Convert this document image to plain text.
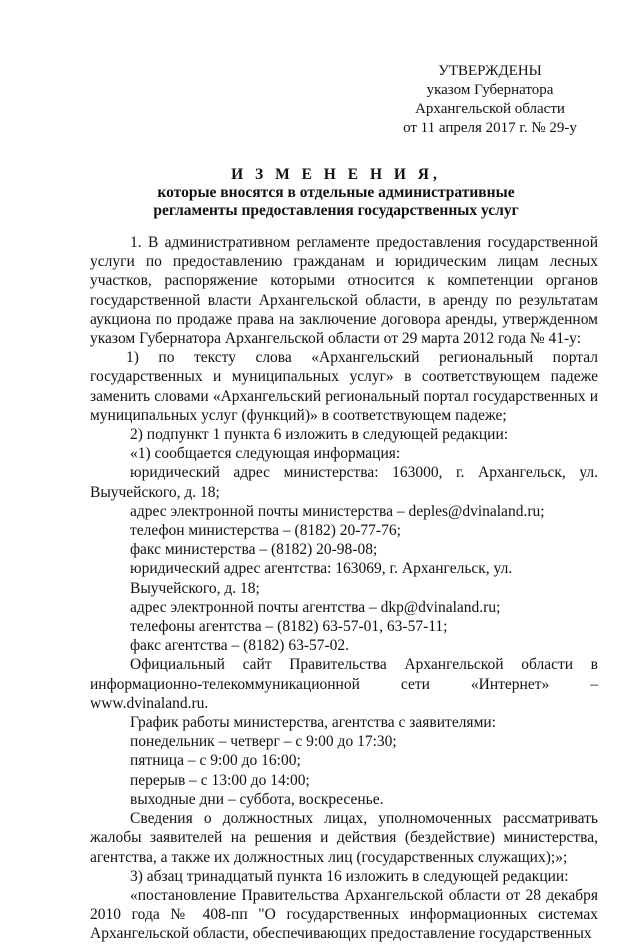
УТВЕРЖДЕНЫ
указом Губернатора
Архангельской области
от 11 апреля 2017 г. № 29-у
И З М Е Н Е Н И Я,
которые вносятся в отдельные административные
регламенты предоставления государственных услуг

1. В административном регламенте предоставления государственной услуги по предоставлению гражданам и юридическим лицам лесных участков, распоряжение которыми относится к компетенции органов государственной власти Архангельской области, в аренду по результатам аукциона по продаже права на заключение договора аренды, утвержденном указом Губернатора Архангельской области от 29 марта 2012 года № 41-у:

1) по тексту слова «Архангельский региональный портал государственных и муниципальных услуг» в соответствующем падеже заменить словами «Архангельский региональный портал государственных и муниципальных услуг (функций)» в соответствующем падеже;

2) подпункт 1 пункта 6 изложить в следующей редакции:

«1) сообщается следующая информация:

юридический адрес министерства: 163000, г. Архангельск, ул. Выучейского, д. 18;

адрес электронной почты министерства – deples@dvinaland.ru;

телефон министерства – (8182) 20-77-76;

факс министерства – (8182) 20-98-08;

юридический адрес агентства: 163069, г. Архангельск, ул. Выучейского, д. 18;

адрес электронной почты агентства – dkp@dvinaland.ru;

телефоны агентства – (8182) 63-57-01, 63-57-11;

факс агентства – (8182) 63-57-02.

Официальный сайт Правительства Архангельской области в информационно-телекоммуникационной сети «Интернет» – www.dvinaland.ru.

График работы министерства, агентства с заявителями:

понедельник – четверг – с 9:00 до 17:30;

пятница – с 9:00 до 16:00;

перерыв – с 13:00 до 14:00;

выходные дни – суббота, воскресенье.

Сведения о должностных лицах, уполномоченных рассматривать жалобы заявителей на решения и действия (бездействие) министерства, агентства, а также их должностных лиц (государственных служащих);»;

3) абзац тринадцатый пункта 16 изложить в следующей редакции:

«постановление Правительства Архангельской области от 28 декабря 2010 года № 408-пп "О государственных информационных системах Архангельской области, обеспечивающих предоставление государственных
